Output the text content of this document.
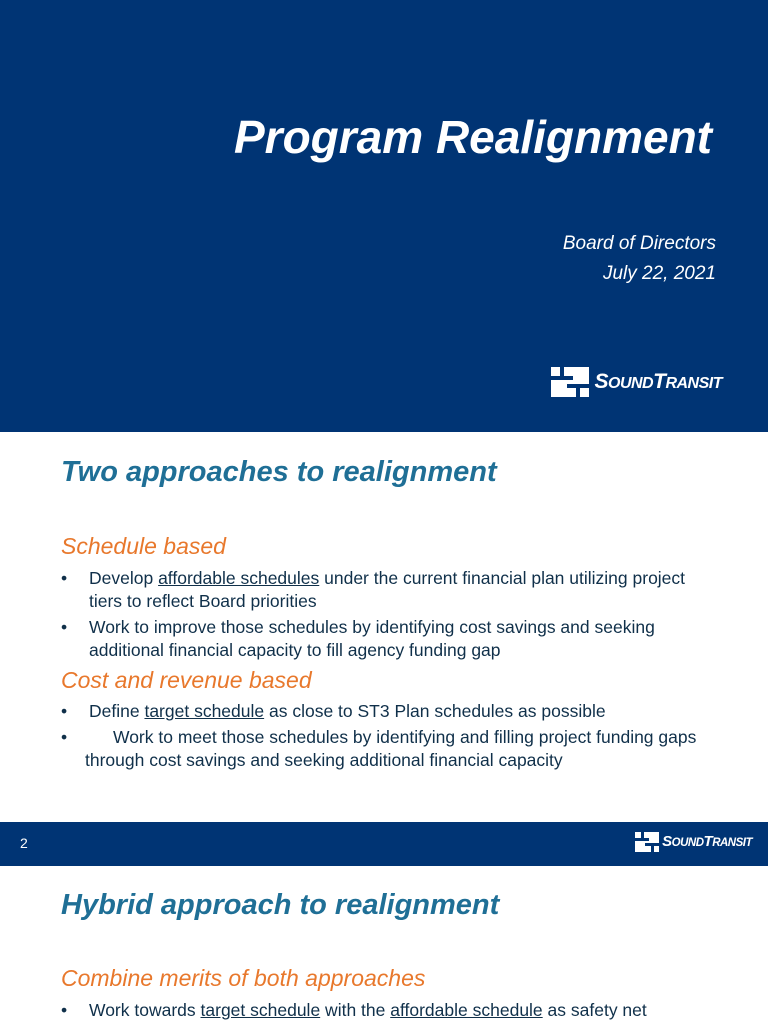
Program Realignment
Board of Directors
July 22, 2021
SOUNDTRANSIT
Two approaches to realignment
Schedule based
•	Develop affordable schedules under the current financial plan utilizing project tiers to reflect Board priorities
•	Work to improve those schedules by identifying cost savings and seeking additional financial capacity to fill agency funding gap
Cost and revenue based
•	Define target schedule as close to ST3 Plan schedules as possible
•	Work to meet those schedules by identifying and filling project funding gaps through cost savings and seeking additional financial capacity
2	SOUNDTRANSIT
Hybrid approach to realignment
Combine merits of both approaches
•	Work towards target schedule with the affordable schedule as safety net
